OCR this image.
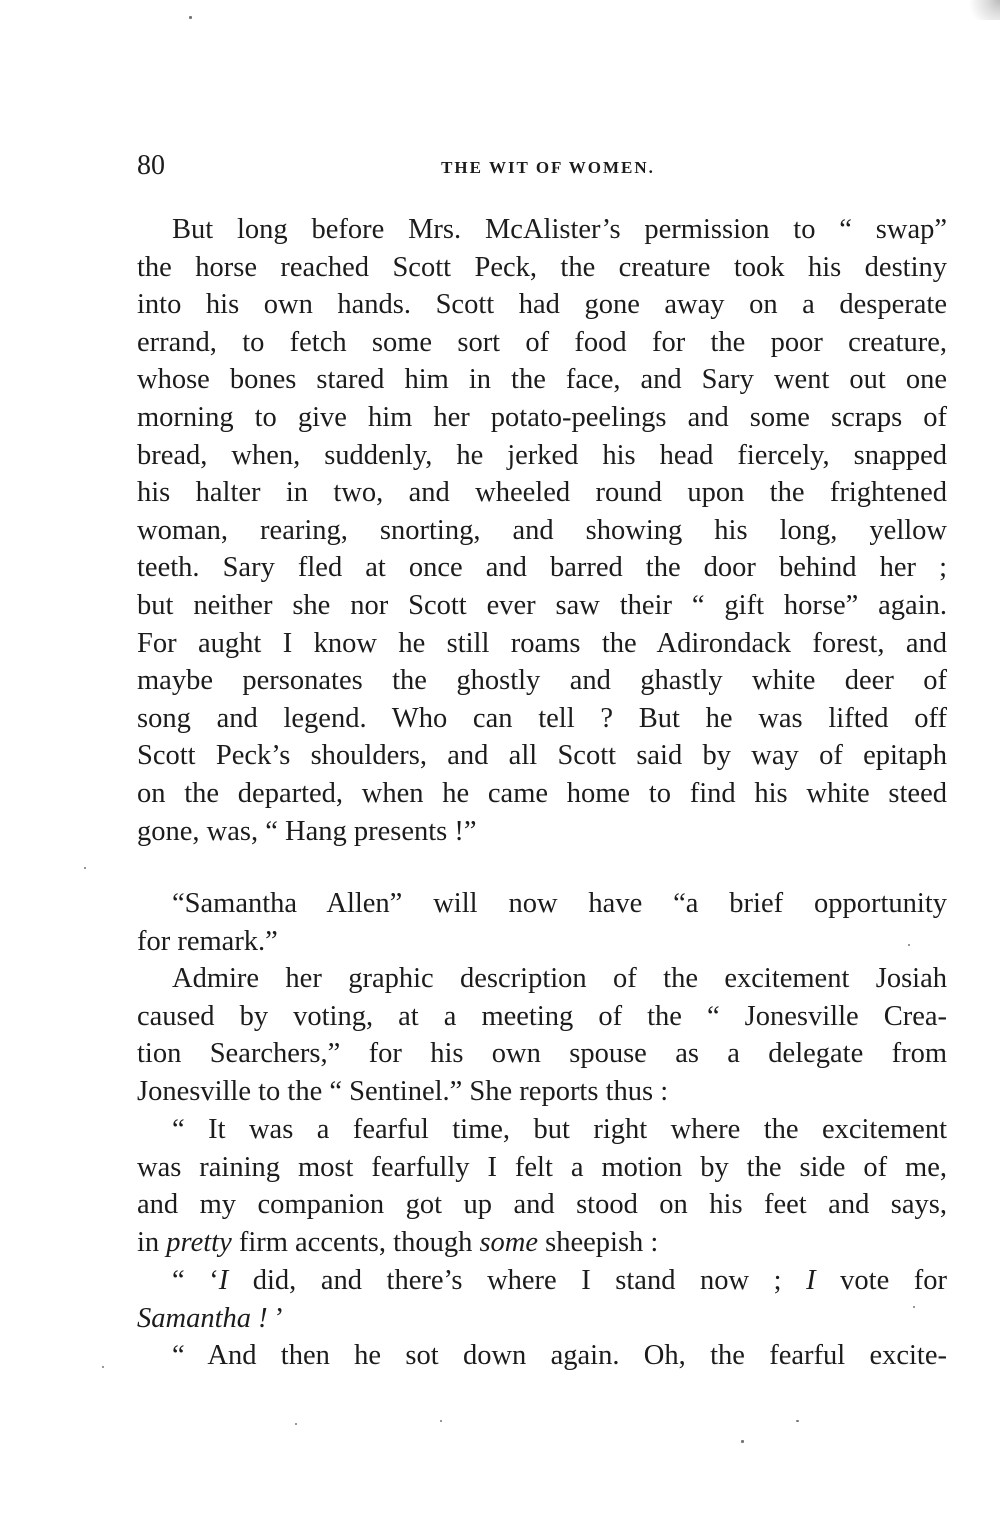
80	THE WIT OF WOMEN.
But long before Mrs. McAlister’s permission to “ swap”
the horse reached Scott Peck, the creature took his destiny
into his own hands. Scott had gone away on a desperate
errand, to fetch some sort of food for the poor creature,
whose bones stared him in the face, and Sary went out one
morning to give him her potato-peelings and some scraps of
bread, when, suddenly, he jerked his head fiercely, snapped
his halter in two, and wheeled round upon the frightened
woman, rearing, snorting, and showing his long, yellow
teeth. Sary fled at once and barred the door behind her ;
but neither she nor Scott ever saw their “ gift horse” again.
For aught I know he still roams the Adirondack forest, and
maybe personates the ghostly and ghastly white deer of
song and legend. Who can tell ? But he was lifted off
Scott Peck’s shoulders, and all Scott said by way of epitaph
on the departed, when he came home to find his white steed
gone, was, “ Hang presents !”
“Samantha Allen” will now have “a brief opportunity
for remark.”
Admire her graphic description of the excitement Josiah
caused by voting, at a meeting of the “ Jonesville Crea-
tion Searchers,” for his own spouse as a delegate from
Jonesville to the “ Sentinel.” She reports thus :
“ It was a fearful time, but right where the excitement
was raining most fearfully I felt a motion by the side of me,
and my companion got up and stood on his feet and says,
in pretty firm accents, though some sheepish :
“ ‘I did, and there’s where I stand now ; I vote for
Samantha ! ’
“ And then he sot down again. Oh, the fearful excite-
